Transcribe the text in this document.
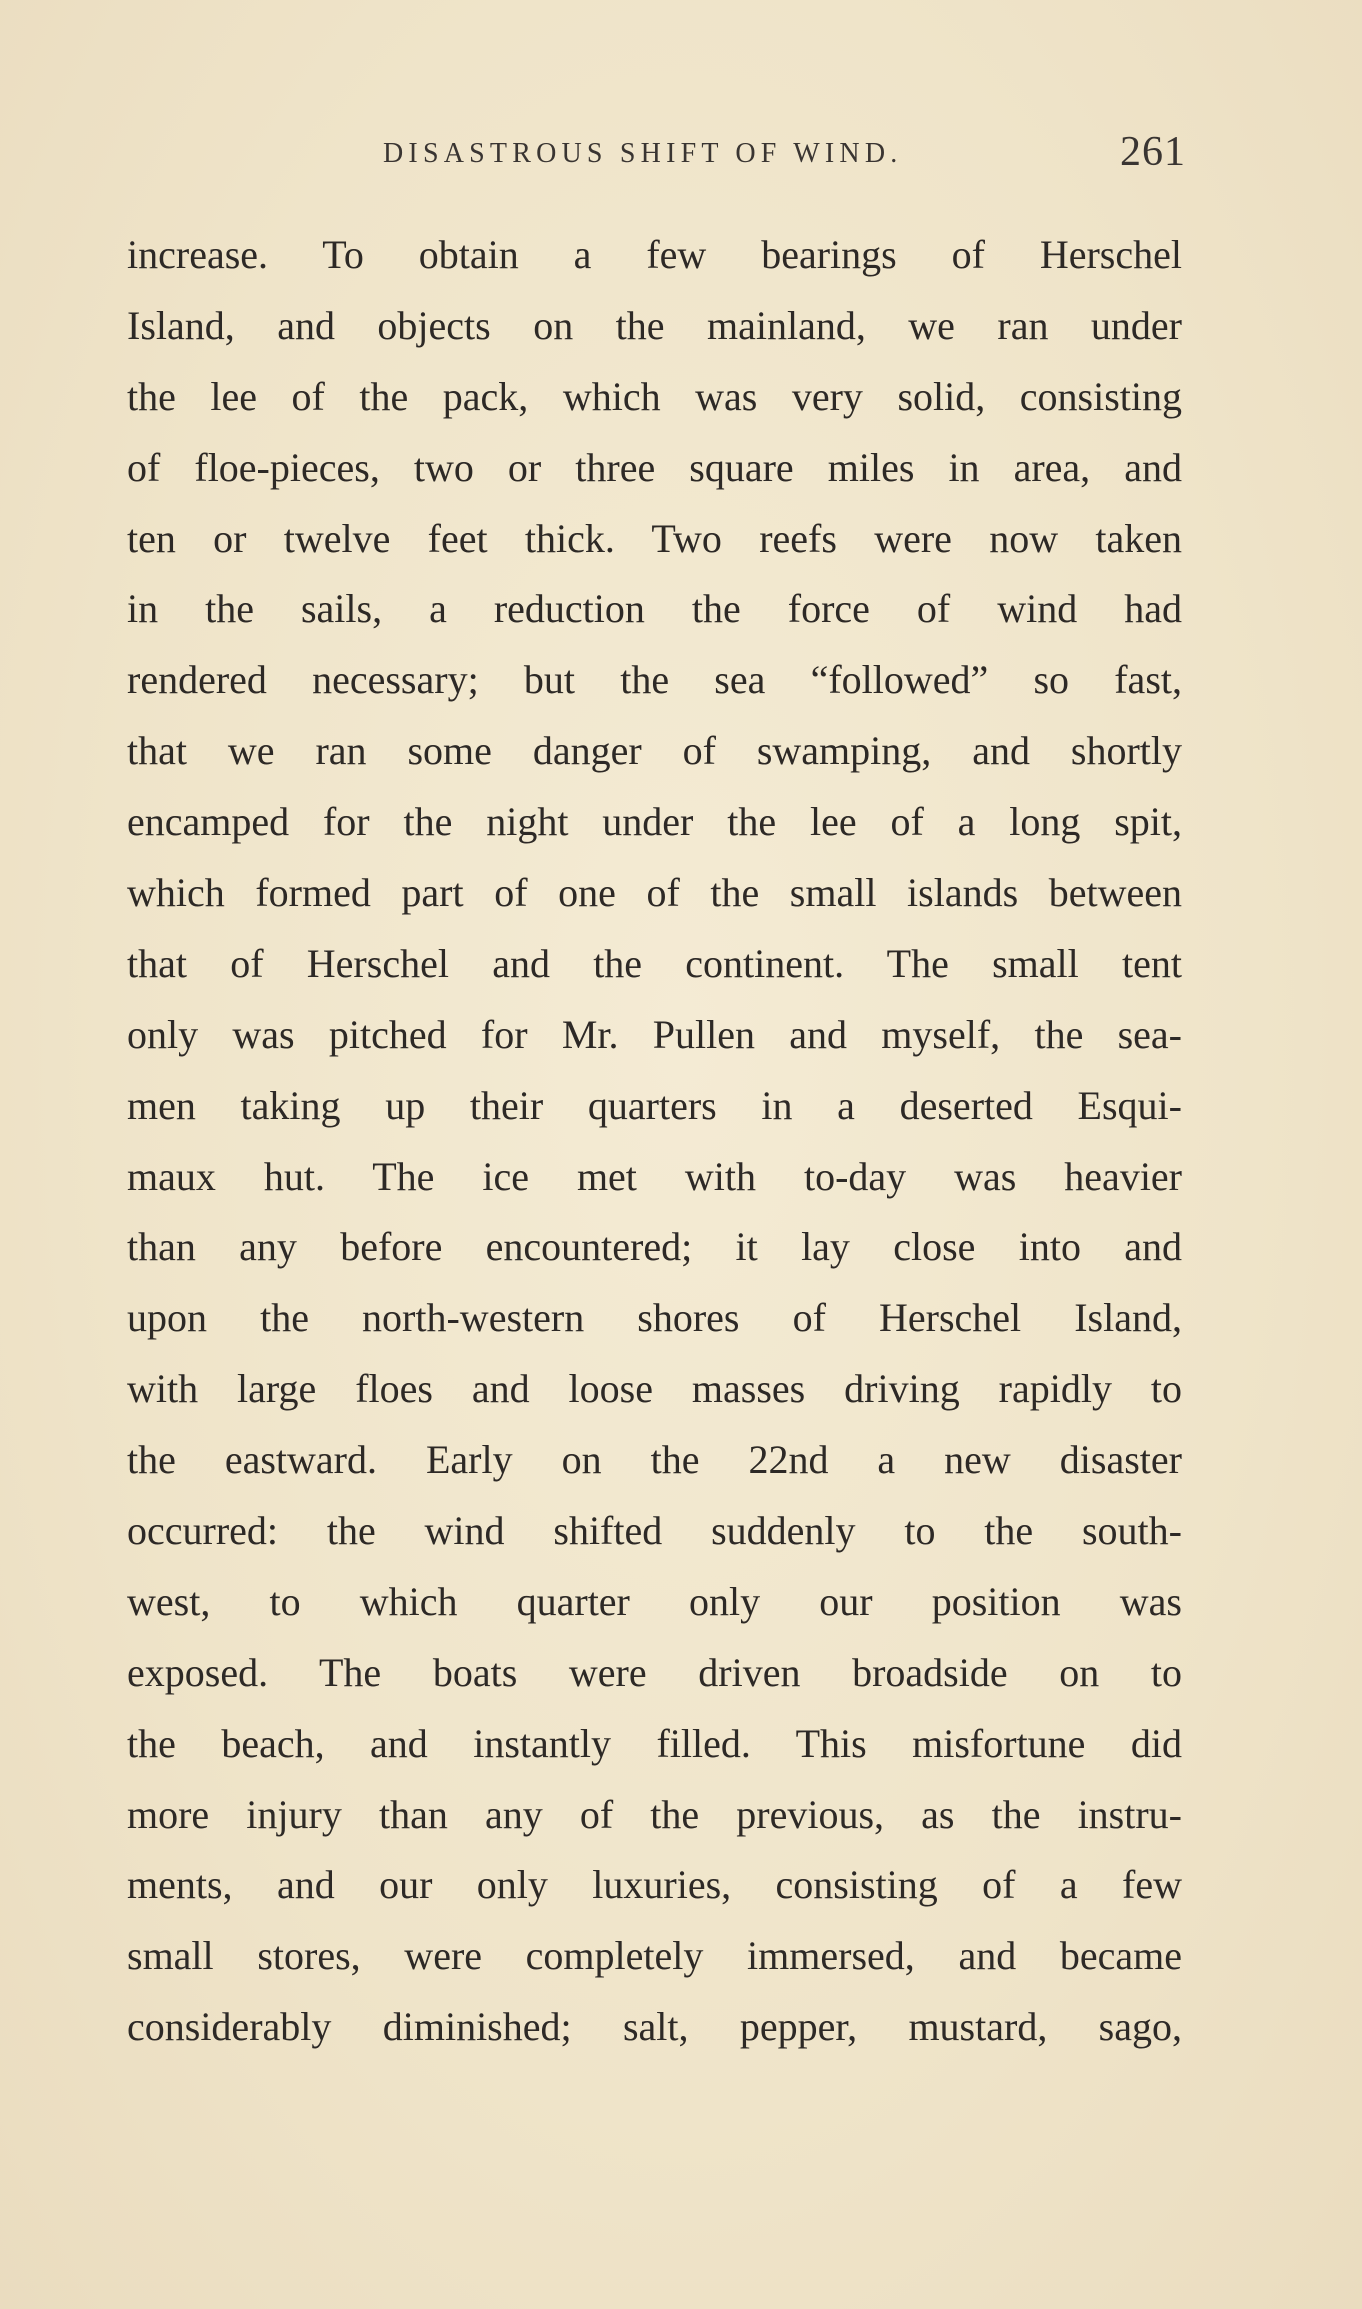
DISASTROUS SHIFT OF WIND.	261
increase. To obtain a few bearings of Herschel
Island, and objects on the mainland, we ran under
the lee of the pack, which was very solid, consisting
of floe-pieces, two or three square miles in area, and
ten or twelve feet thick. Two reefs were now taken
in the sails, a reduction the force of wind had
rendered necessary; but the sea “followed” so fast,
that we ran some danger of swamping, and shortly
encamped for the night under the lee of a long spit,
which formed part of one of the small islands between
that of Herschel and the continent. The small tent
only was pitched for Mr. Pullen and myself, the sea-
men taking up their quarters in a deserted Esqui-
maux hut. The ice met with to-day was heavier
than any before encountered; it lay close into and
upon the north-western shores of Herschel Island,
with large floes and loose masses driving rapidly to
the eastward. Early on the 22nd a new disaster
occurred: the wind shifted suddenly to the south-
west, to which quarter only our position was
exposed. The boats were driven broadside on to
the beach, and instantly filled. This misfortune did
more injury than any of the previous, as the instru-
ments, and our only luxuries, consisting of a few
small stores, were completely immersed, and became
considerably diminished; salt, pepper, mustard, sago,
